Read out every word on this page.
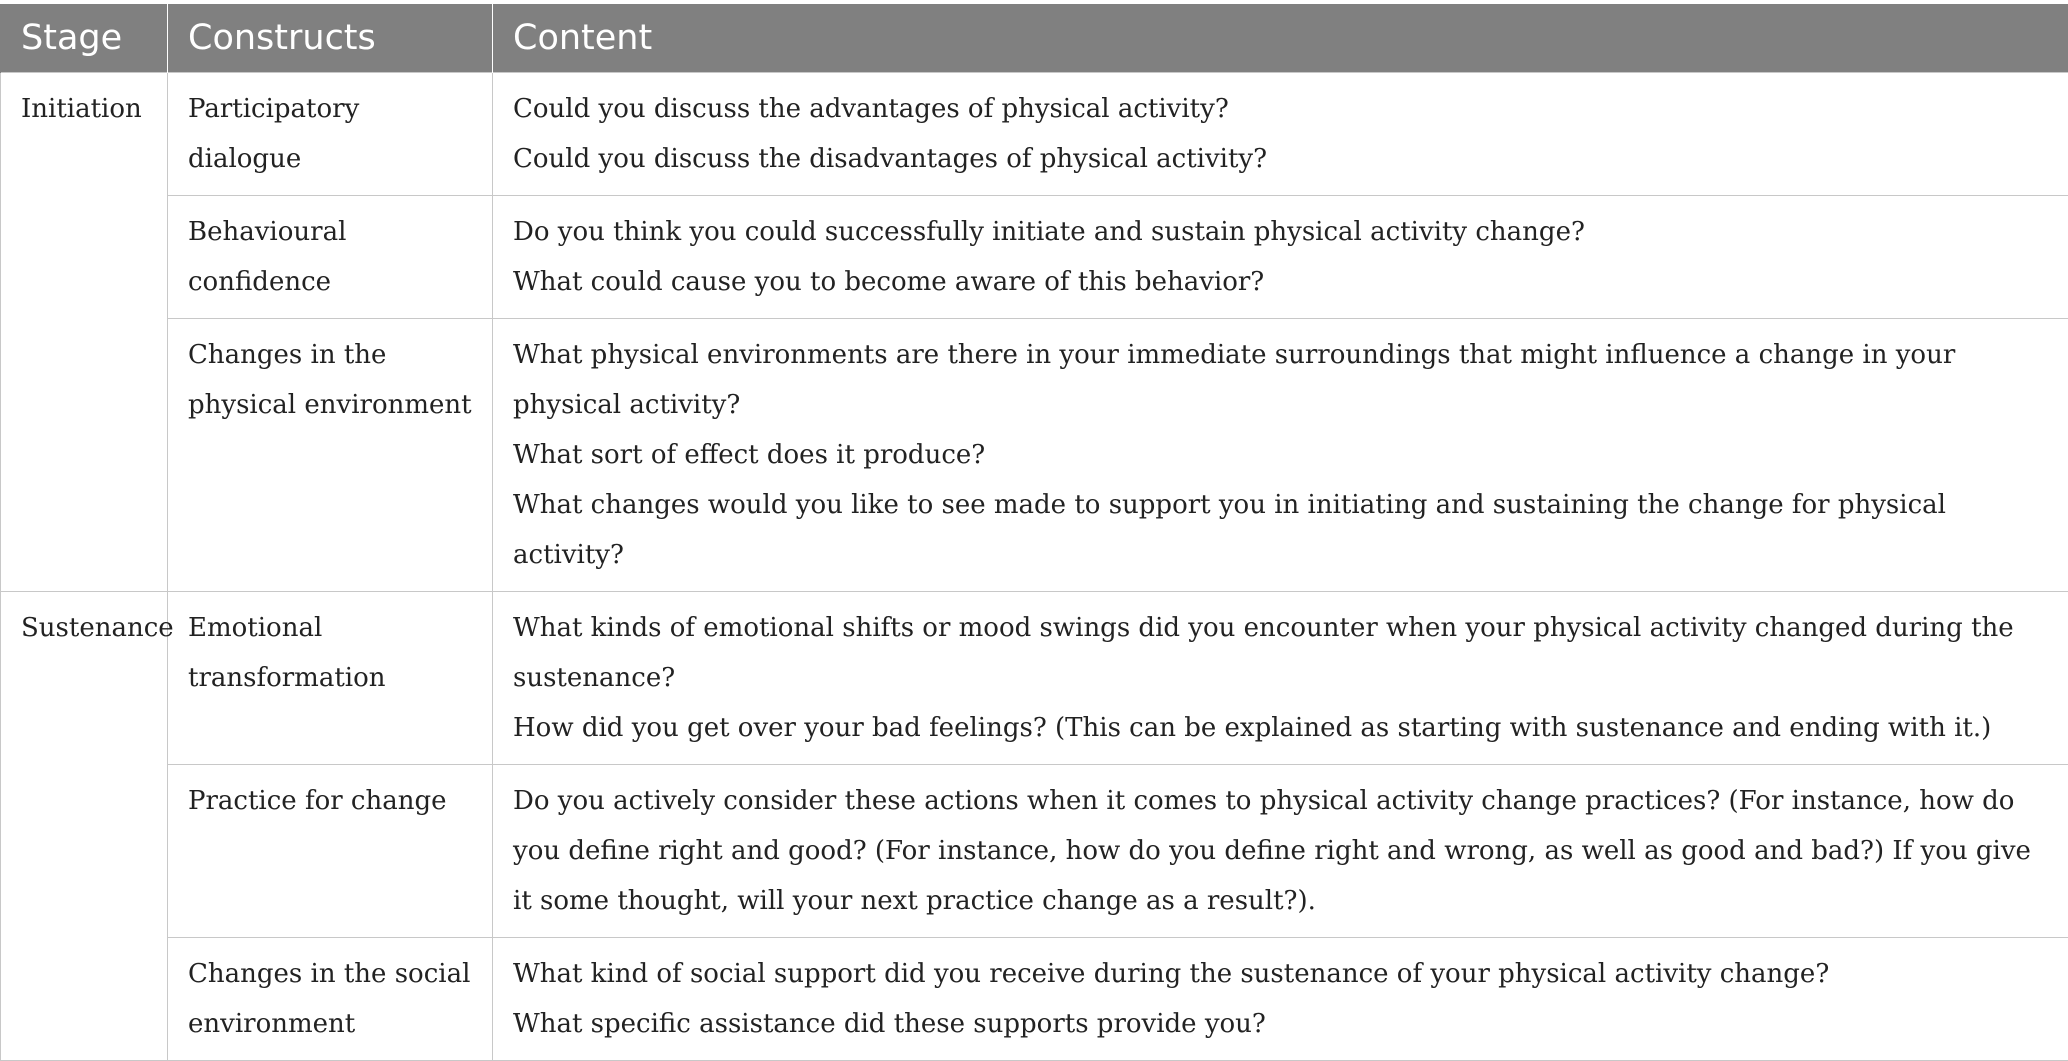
Stage	Constructs	Content
Initiation	Participatory dialogue	Could you discuss the advantages of physical activity?
Could you discuss the disadvantages of physical activity?

	Behavioural confidence	Do you think you could successfully initiate and sustain physical activity change?
What could cause you to become aware of this behavior?

	Changes in the physical environment	What physical environments are there in your immediate surroundings that might influence a change in your physical activity?
What sort of effect does it produce?
What changes would you like to see made to support you in initiating and sustaining the change for physical activity?

Sustenance	Emotional transformation	What kinds of emotional shifts or mood swings did you encounter when your physical activity changed during the sustenance?
How did you get over your bad feelings? (This can be explained as starting with sustenance and ending with it.)

	Practice for change	Do you actively consider these actions when it comes to physical activity change practices? (For instance, how do you define right and good? (For instance, how do you define right and wrong, as well as good and bad?) If you give it some thought, will your next practice change as a result?).

	Changes in the social environment	What kind of social support did you receive during the sustenance of your physical activity change?
What specific assistance did these supports provide you?
